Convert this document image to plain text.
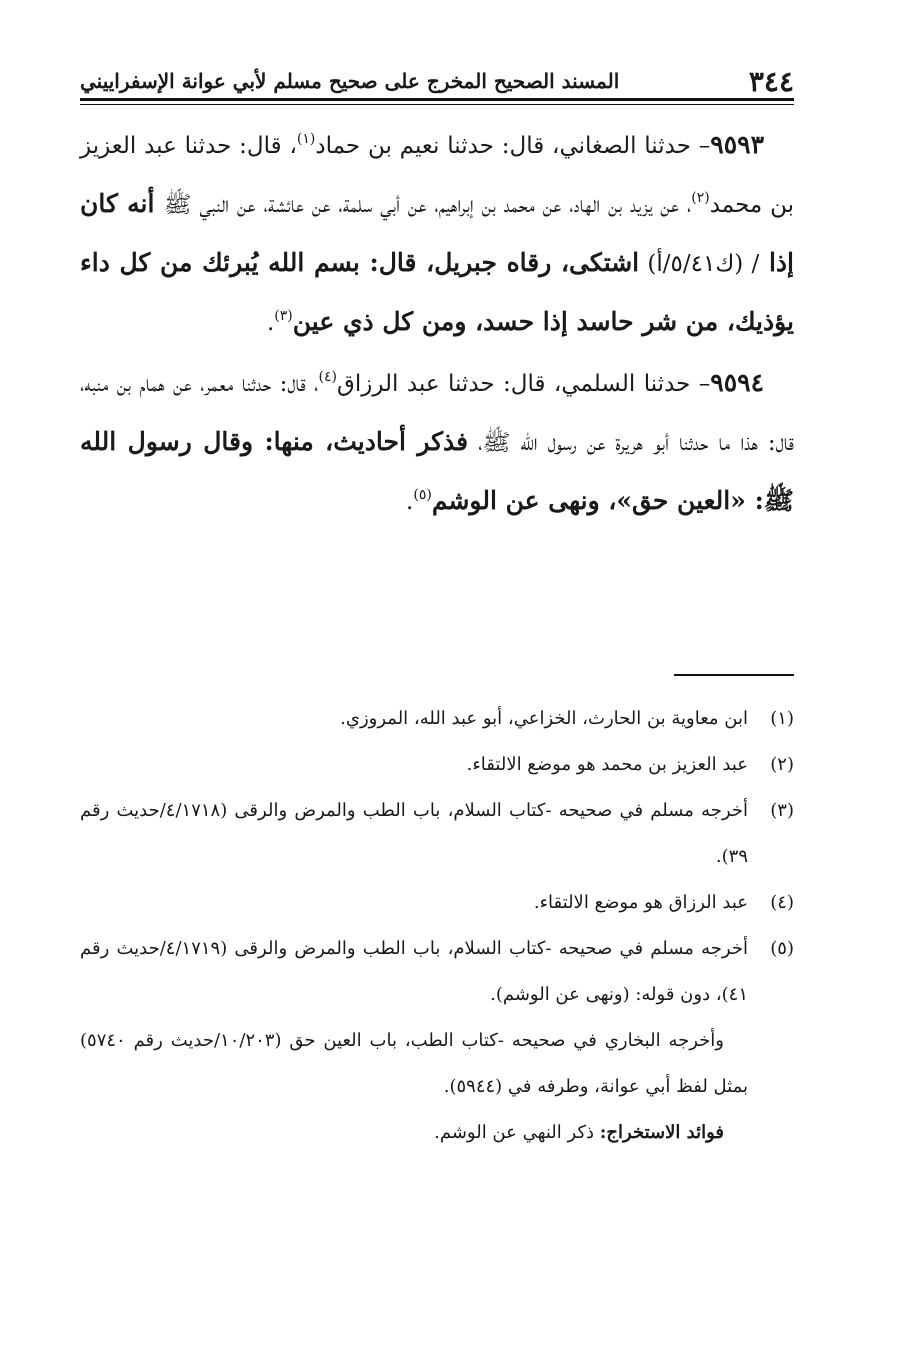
٣٤٤
المسند الصحيح المخرج على صحيح مسلم لأبي عوانة الإسفراييني

٩٥٩٣– حدثنا الصغاني، قال: حدثنا نعيم بن حماد$^{(١)}$، قال: حدثنا عبد العزيز بن محمد$^{(٢)}$، عن يزيد بن الهاد، عن محمد بن إبراهيم، عن أبي سلمة، عن عائشة، عن النبي ﷺ أنه كان إذا / (ك٥/٤١/أ) اشتكى، رقاه جبريل، قال: بسم الله يُبرئك من كل داء يؤذيك، من شر حاسد إذا حسد، ومن كل ذي عين$^{(٣)}$.

٩٥٩٤– حدثنا السلمي، قال: حدثنا عبد الرزاق$^{(٤)}$، قال: حدثنا معمر، عن همام بن منبه، قال: هذا ما حدثنا أبو هريرة عن رسول الله ﷺ، فذكر أحاديث، منها: وقال رسول الله ﷺ: «العين حق»، ونهى عن الوشم$^{(٥)}$.

(١)
ابن معاوية بن الحارث، الخزاعي، أبو عبد الله، المروزي.
(٢)
عبد العزيز بن محمد هو موضع الالتقاء.
(٣)
أخرجه مسلم في صحيحه -كتاب السلام، باب الطب والمرض والرقى (٤/١٧١٨/حديث رقم ٣٩).
(٤)
عبد الرزاق هو موضع الالتقاء.
(٥)
أخرجه مسلم في صحيحه -كتاب السلام، باب الطب والمرض والرقى (٤/١٧١٩/حديث رقم ٤١)، دون قوله: (ونهى عن الوشم).
وأخرجه البخاري في صحيحه -كتاب الطب، باب العين حق (١٠/٢٠٣/حديث رقم ٥٧٤٠) بمثل لفظ أبي عوانة، وطرفه في (٥٩٤٤).
فوائد الاستخراج: ذكر النهي عن الوشم.
